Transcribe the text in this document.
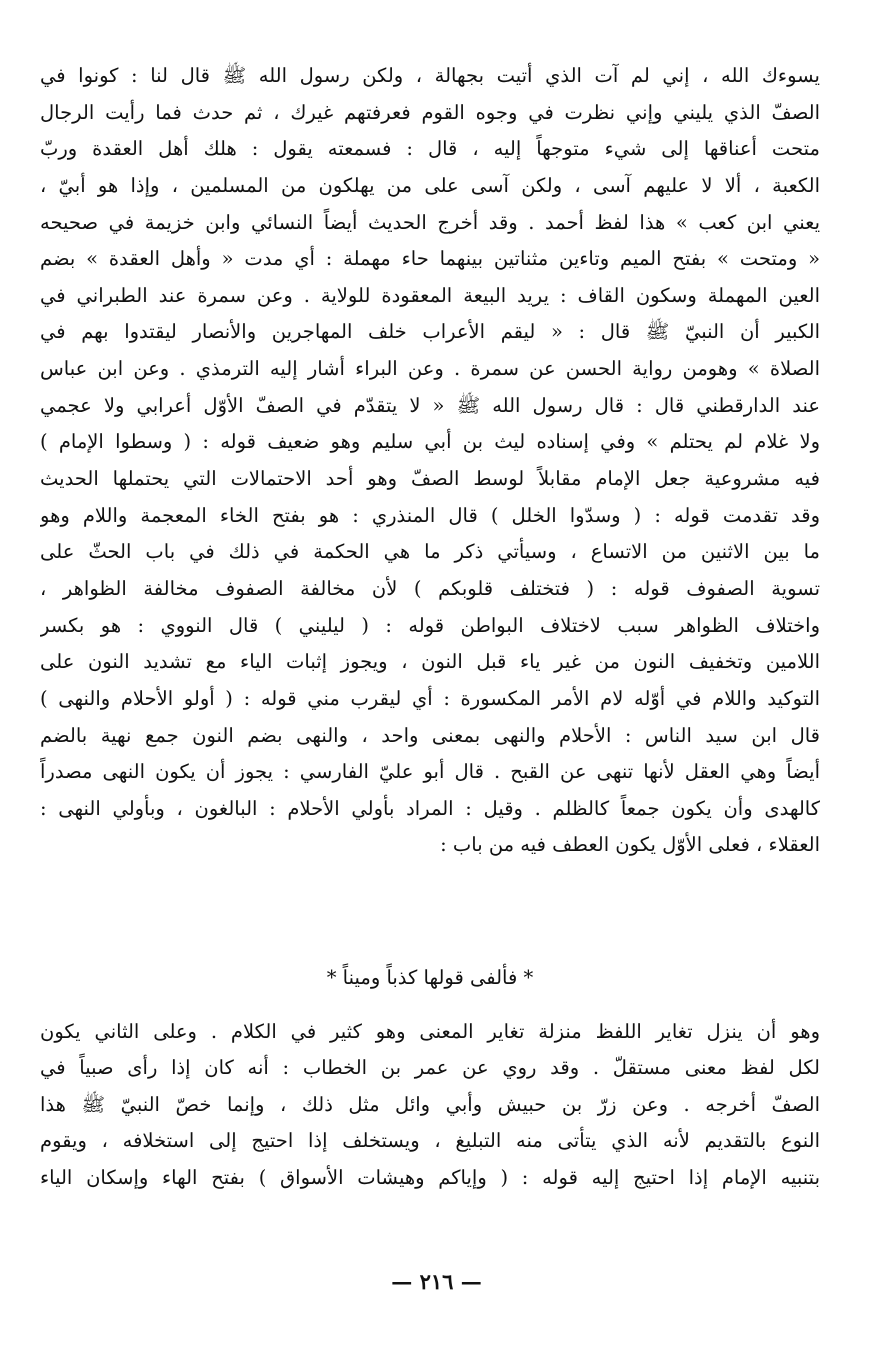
يسوءك الله ، إني لم آت الذي أتيت بجهالة ، ولكن رسول الله ﷺ قال لنا : كونوا في
الصفّ الذي يليني وإني نظرت في وجوه القوم فعرفتهم غيرك ، ثم حدث فما رأيت الرجال
متحت أعناقها إلى شيء متوجهاً إليه ، قال : فسمعته يقول : هلك أهل العقدة وربّ
الكعبة ، ألا لا عليهم آسى ، ولكن آسى على من يهلكون من المسلمين ، وإذا هو أبيّ ،
يعني ابن كعب » هذا لفظ أحمد . وقد أخرج الحديث أيضاً النسائي وابن خزيمة في صحيحه
« ومتحت » بفتح الميم وتاءين مثناتين بينهما حاء مهملة : أي مدت « وأهل العقدة » بضم
العين المهملة وسكون القاف : يريد البيعة المعقودة للولاية . وعن سمرة عند الطبراني في
الكبير أن النبيّ ﷺ قال : « ليقم الأعراب خلف المهاجرين والأنصار ليقتدوا بهم في
الصلاة » وهومن رواية الحسن عن سمرة . وعن البراء أشار إليه الترمذي . وعن ابن عباس
عند الدارقطني قال : قال رسول الله ﷺ « لا يتقدّم في الصفّ الأوّل أعرابي ولا عجمي
ولا غلام لم يحتلم » وفي إسناده ليث بن أبي سليم وهو ضعيف قوله : ( وسطوا الإمام )
فيه مشروعية جعل الإمام مقابلاً لوسط الصفّ وهو أحد الاحتمالات التي يحتملها الحديث
وقد تقدمت قوله : ( وسدّوا الخلل ) قال المنذري : هو بفتح الخاء المعجمة واللام وهو
ما بين الاثنين من الاتساع ، وسيأتي ذكر ما هي الحكمة في ذلك في باب الحثّ على
تسوية الصفوف قوله : ( فتختلف قلوبكم ) لأن مخالفة الصفوف مخالفة الظواهر ،
واختلاف الظواهر سبب لاختلاف البواطن قوله : ( ليليني ) قال النووي : هو بكسر
اللامين وتخفيف النون من غير ياء قبل النون ، ويجوز إثبات الياء مع تشديد النون على
التوكيد واللام في أوّله لام الأمر المكسورة : أي ليقرب مني قوله : ( أولو الأحلام والنهى )
قال ابن سيد الناس : الأحلام والنهى بمعنى واحد ، والنهى بضم النون جمع نهية بالضم
أيضاً وهي العقل لأنها تنهى عن القبح . قال أبو عليّ الفارسي : يجوز أن يكون النهى مصدراً
كالهدى وأن يكون جمعاً كالظلم . وقيل : المراد بأولي الأحلام : البالغون ، وبأولي النهى :
العقلاء ، فعلى الأوّل يكون العطف فيه من باب :
* فألفى قولها كذباً وميناً *
وهو أن ينزل تغاير اللفظ منزلة تغاير المعنى وهو كثير في الكلام . وعلى الثاني يكون
لكل لفظ معنى مستقلّ . وقد روي عن عمر بن الخطاب : أنه كان إذا رأى صبياً في
الصفّ أخرجه . وعن زرّ بن حبيش وأبي وائل مثل ذلك ، وإنما خصّ النبيّ ﷺ هذا
النوع بالتقديم لأنه الذي يتأتى منه التبليغ ، ويستخلف إذا احتيج إلى استخلافه ، ويقوم
بتنبيه الإمام إذا احتيج إليه قوله : ( وإياكم وهيشات الأسواق ) بفتح الهاء وإسكان الياء
— ٢١٦ —
